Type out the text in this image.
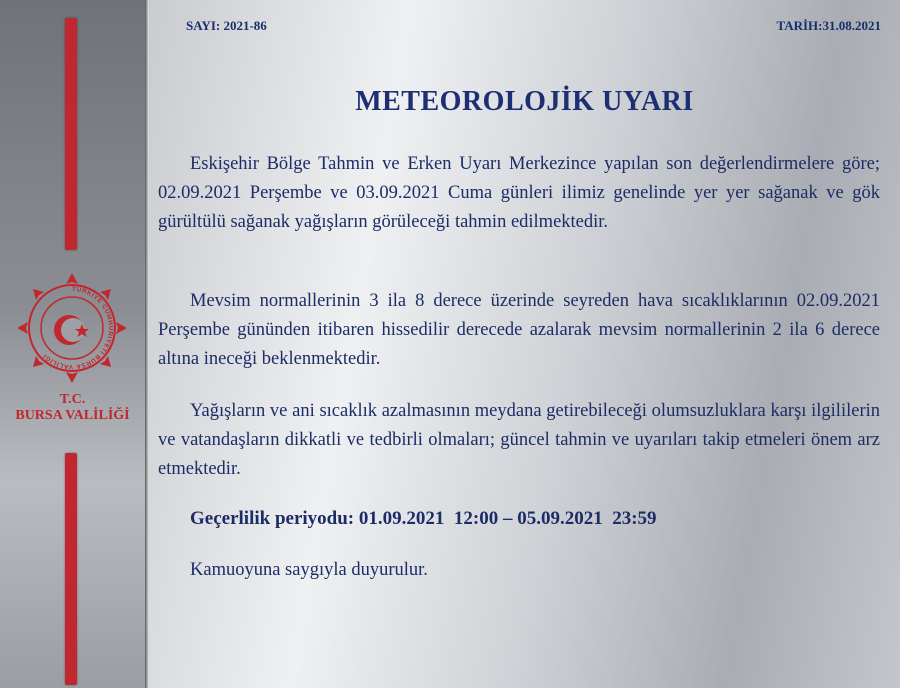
TÜRKİYE CUMHURİYETİ BURSA VALİLİĞİ
T.C.
BURSA VALİLİĞİ
SAYI: 2021-86	TARİH:31.08.2021
METEOROLOJİK UYARI

Eskişehir Bölge Tahmin ve Erken Uyarı Merkezince yapılan son değerlendirmelere göre; 02.09.2021 Perşembe ve 03.09.2021 Cuma günleri ilimiz genelinde yer yer sağanak ve gök gürültülü sağanak yağışların görüleceği tahmin edilmektedir.

Mevsim normallerinin 3 ila 8 derece üzerinde seyreden hava sıcaklıklarının 02.09.2021 Perşembe gününden itibaren hissedilir derecede azalarak mevsim normallerinin 2 ila 6 derece altına ineceği beklenmektedir.

Yağışların ve ani sıcaklık azalmasının meydana getirebileceği olumsuzluklara karşı ilgililerin ve vatandaşların dikkatli ve tedbirli olmaları; güncel tahmin ve uyarıları takip etmeleri önem arz etmektedir.

Geçerlilik periyodu: 01.09.2021  12:00 – 05.09.2021  23:59
Kamuoyuna saygıyla duyurulur.
